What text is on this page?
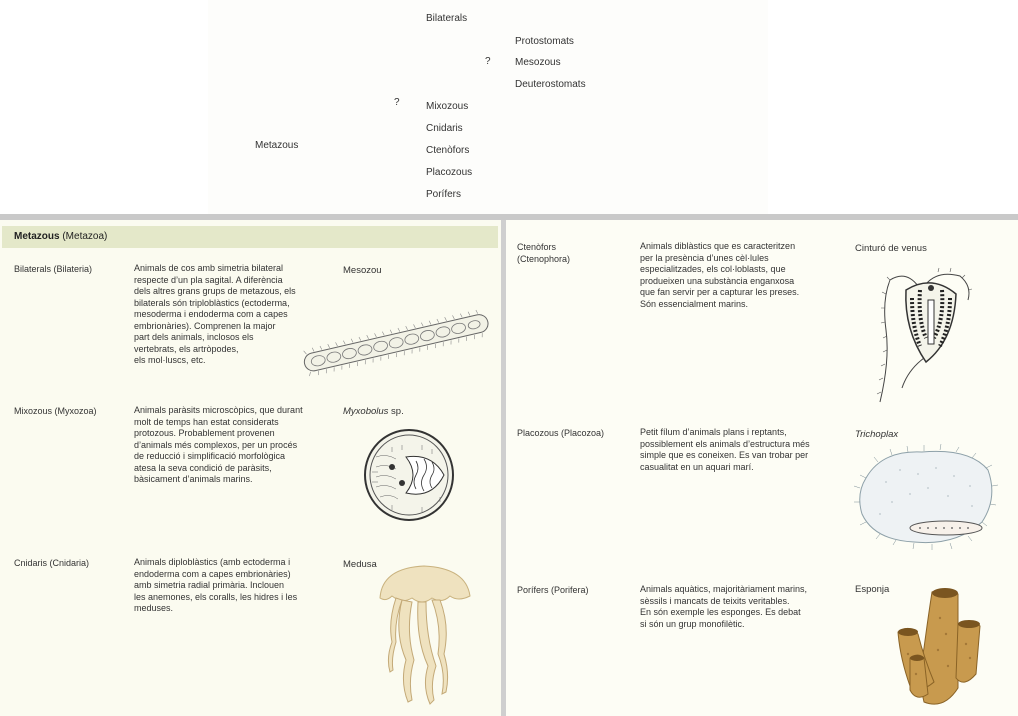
Bilaterals
Protostomats
? Mesozous
Deuterostomats
?	Mixozous
Metazous
Cnidaris
Ctenòfors
Placozous
Porífers
Metazous (Metazoa)
Bilaterals (Bilateria)	Animals de cos amb simetria bilateral
respecte d’un pla sagital. A diferència
dels altres grans grups de metazous, els
bilaterals són triploblàstics (ectoderma,
mesoderma i endoderma com a capes
embrionàries). Comprenen la major
part dels animals, inclosos els
vertebrats, els artròpodes,
els mol·luscs, etc.
Mesozou
Mixozous (Myxozoa)	Animals paràsits microscòpics, que durant
molt de temps han estat considerats
protozous. Probablement provenen
d’animals més complexos, per un procés
de reducció i simplificació morfològica
atesa la seva condició de paràsits,
bàsicament d’animals marins.
Myxobolus sp.
Cnidaris (Cnidaria)	Animals diploblàstics (amb ectoderma i
endoderma com a capes embrionàries)
amb simetria radial primària. Inclouen
les anemones, els coralls, les hidres i les
meduses.
Medusa
Ctenòfors
(Ctenophora)
Animals diblàstics que es caracteritzen
per la presència d’unes cèl·lules
especialitzades, els col·loblasts, que
produeixen una substància enganxosa
que fan servir per a capturar les preses.
Són essencialment marins.
Cinturó de venus
Placozous (Placozoa)	Petit fílum d’animals plans i reptants,
possiblement els animals d’estructura més
simple que es coneixen. Es van trobar per
casualitat en un aquari marí.
Trichoplax
Porífers (Porifera)	Animals aquàtics, majoritàriament marins,
sèssils i mancats de teixits veritables.
En són exemple les esponges. Es debat
si són un grup monofilètic.
Esponja
